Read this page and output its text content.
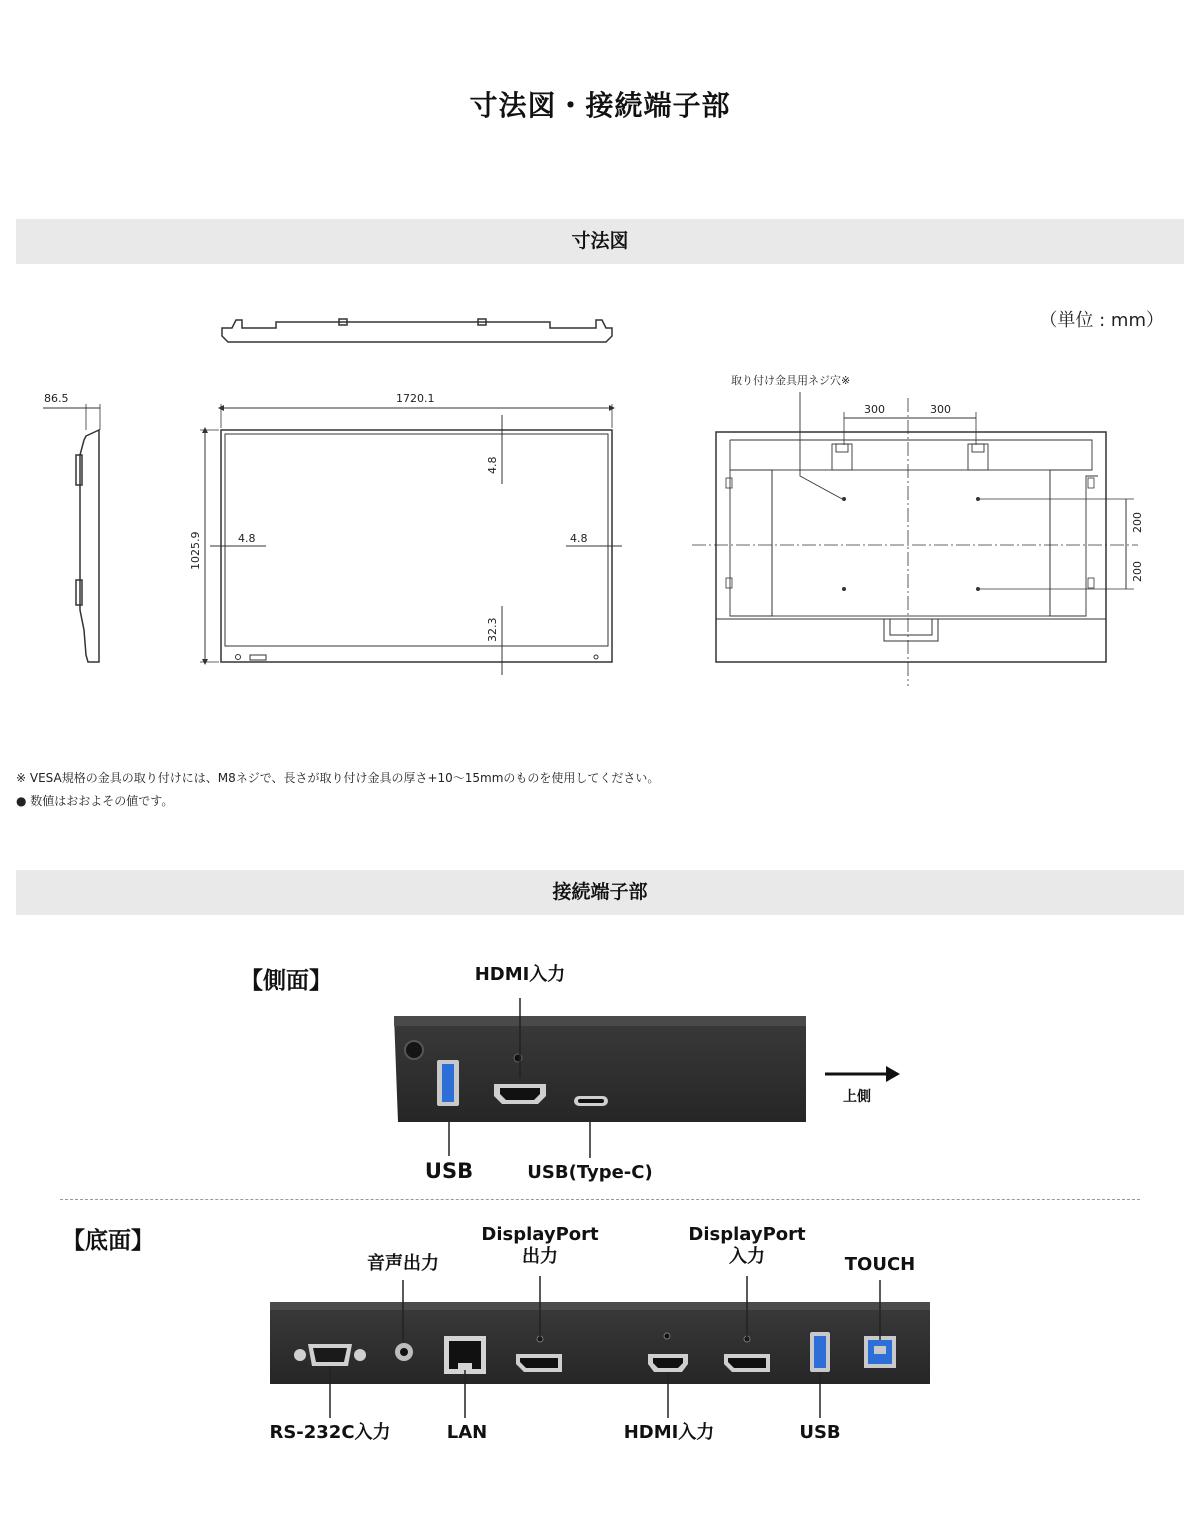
寸法図・接続端子部
寸法図
（単位 : mm）
86.5	1720.1
1025.9
4.8
4.8	4.8
32.3
取り付け金具用ネジ穴※
300	300
200
200
※ VESA規格の金具の取り付けには、M8ネジで、長さが取り付け金具の厚さ+10〜15mmのものを使用してください。
● 数値はおおよその値です。
接続端子部
【側面】	HDMI入力
USB	USB(Type-C)
上側
【底面】
音声出力
DisplayPort
出力
DisplayPort
入力	TOUCH
RS-232C入力	LAN	HDMI入力	USB
